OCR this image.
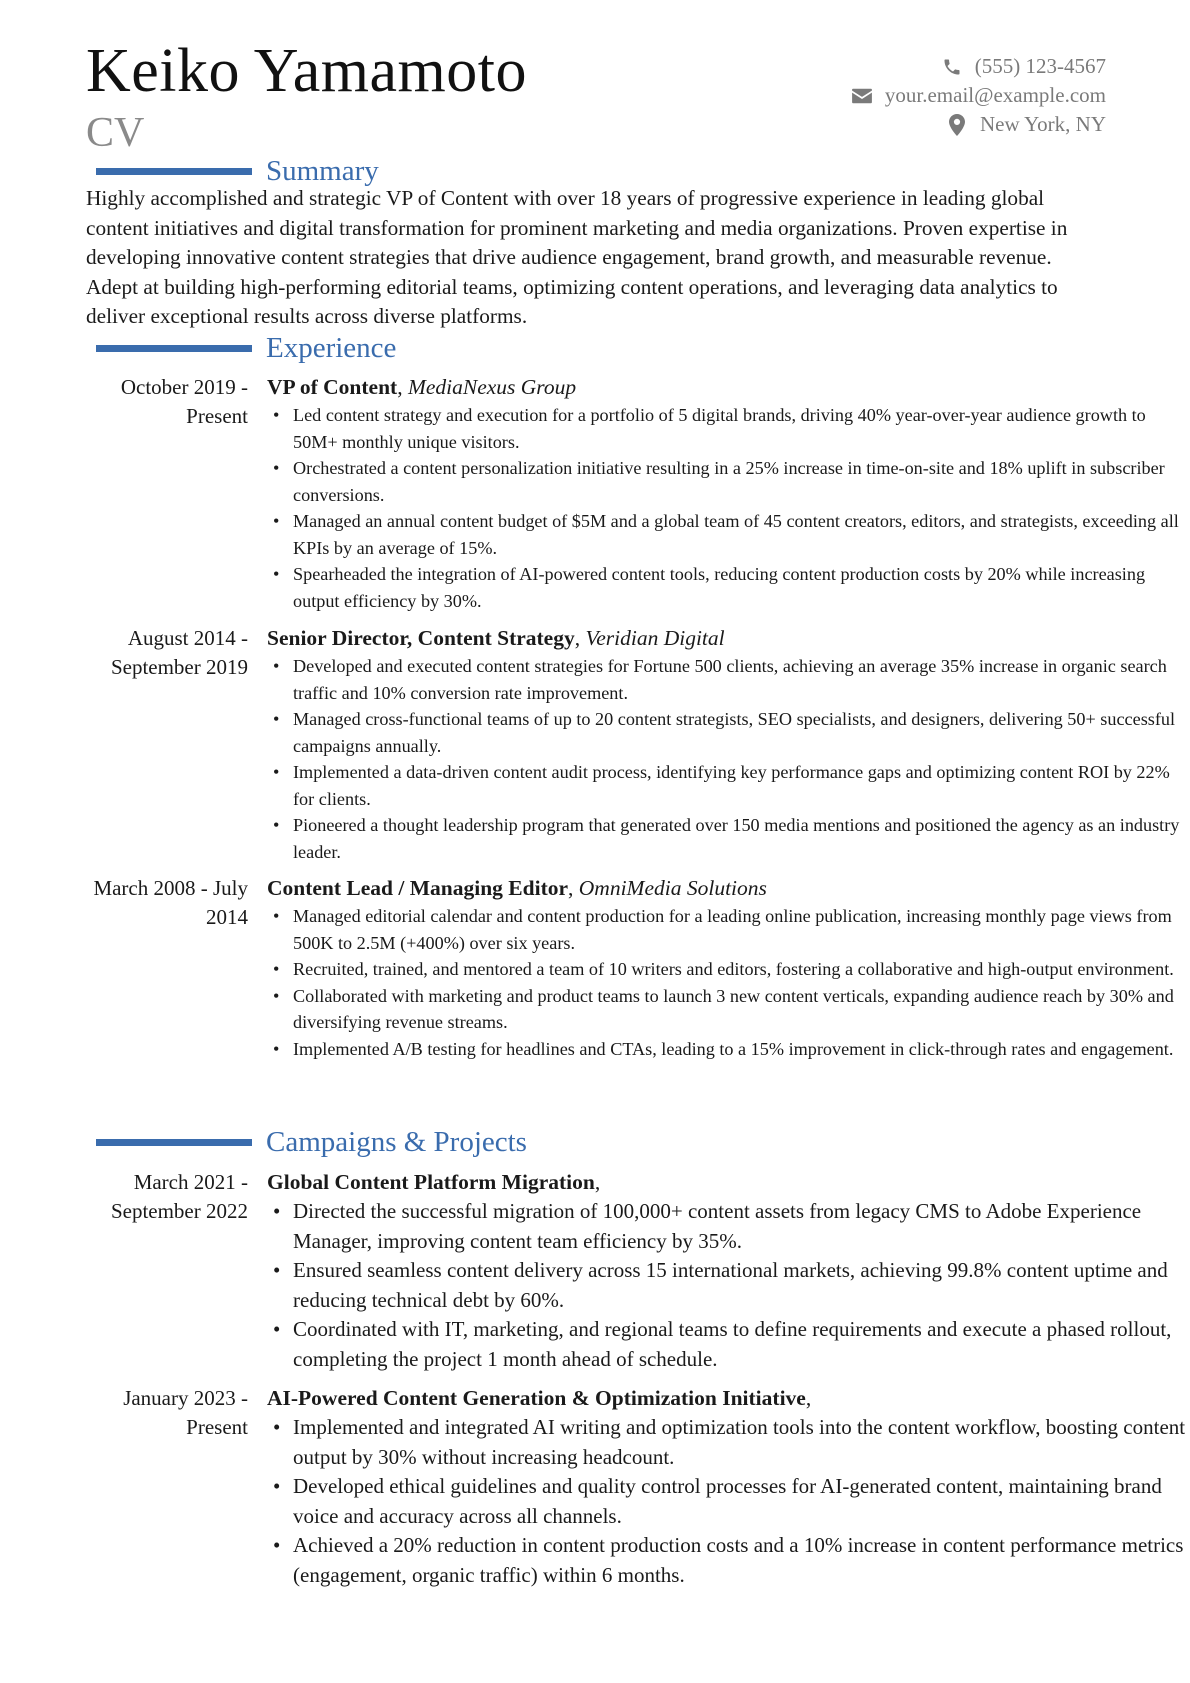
Keiko Yamamoto
CV
(555) 123-4567
your.email@example.com
New York, NY
Summary
Highly accomplished and strategic VP of Content with over 18 years of progressive experience in leading global content initiatives and digital transformation for prominent marketing and media organizations. Proven expertise in developing innovative content strategies that drive audience engagement, brand growth, and measurable revenue. Adept at building high-performing editorial teams, optimizing content operations, and leveraging data analytics to deliver exceptional results across diverse platforms.
Experience
October 2019 - Present
VP of Content, MediaNexus Group
• Led content strategy and execution for a portfolio of 5 digital brands, driving 40% year-over-year audience growth to 50M+ monthly unique visitors.
• Orchestrated a content personalization initiative resulting in a 25% increase in time-on-site and 18% uplift in subscriber conversions.
• Managed an annual content budget of $5M and a global team of 45 content creators, editors, and strategists, exceeding all KPIs by an average of 15%.
• Spearheaded the integration of AI-powered content tools, reducing content production costs by 20% while increasing output efficiency by 30%.
August 2014 - September 2019
Senior Director, Content Strategy, Veridian Digital
• Developed and executed content strategies for Fortune 500 clients, achieving an average 35% increase in organic search traffic and 10% conversion rate improvement.
• Managed cross-functional teams of up to 20 content strategists, SEO specialists, and designers, delivering 50+ successful campaigns annually.
• Implemented a data-driven content audit process, identifying key performance gaps and optimizing content ROI by 22% for clients.
• Pioneered a thought leadership program that generated over 150 media mentions and positioned the agency as an industry leader.
March 2008 - July 2014
Content Lead / Managing Editor, OmniMedia Solutions
• Managed editorial calendar and content production for a leading online publication, increasing monthly page views from 500K to 2.5M (+400%) over six years.
• Recruited, trained, and mentored a team of 10 writers and editors, fostering a collaborative and high-output environment.
• Collaborated with marketing and product teams to launch 3 new content verticals, expanding audience reach by 30% and diversifying revenue streams.
• Implemented A/B testing for headlines and CTAs, leading to a 15% improvement in click-through rates and engagement.
Campaigns & Projects
March 2021 - September 2022
Global Content Platform Migration,
• Directed the successful migration of 100,000+ content assets from legacy CMS to Adobe Experience Manager, improving content team efficiency by 35%.
• Ensured seamless content delivery across 15 international markets, achieving 99.8% content uptime and reducing technical debt by 60%.
• Coordinated with IT, marketing, and regional teams to define requirements and execute a phased rollout, completing the project 1 month ahead of schedule.
January 2023 - Present
AI-Powered Content Generation & Optimization Initiative,
• Implemented and integrated AI writing and optimization tools into the content workflow, boosting content output by 30% without increasing headcount.
• Developed ethical guidelines and quality control processes for AI-generated content, maintaining brand voice and accuracy across all channels.
• Achieved a 20% reduction in content production costs and a 10% increase in content performance metrics (engagement, organic traffic) within 6 months.
